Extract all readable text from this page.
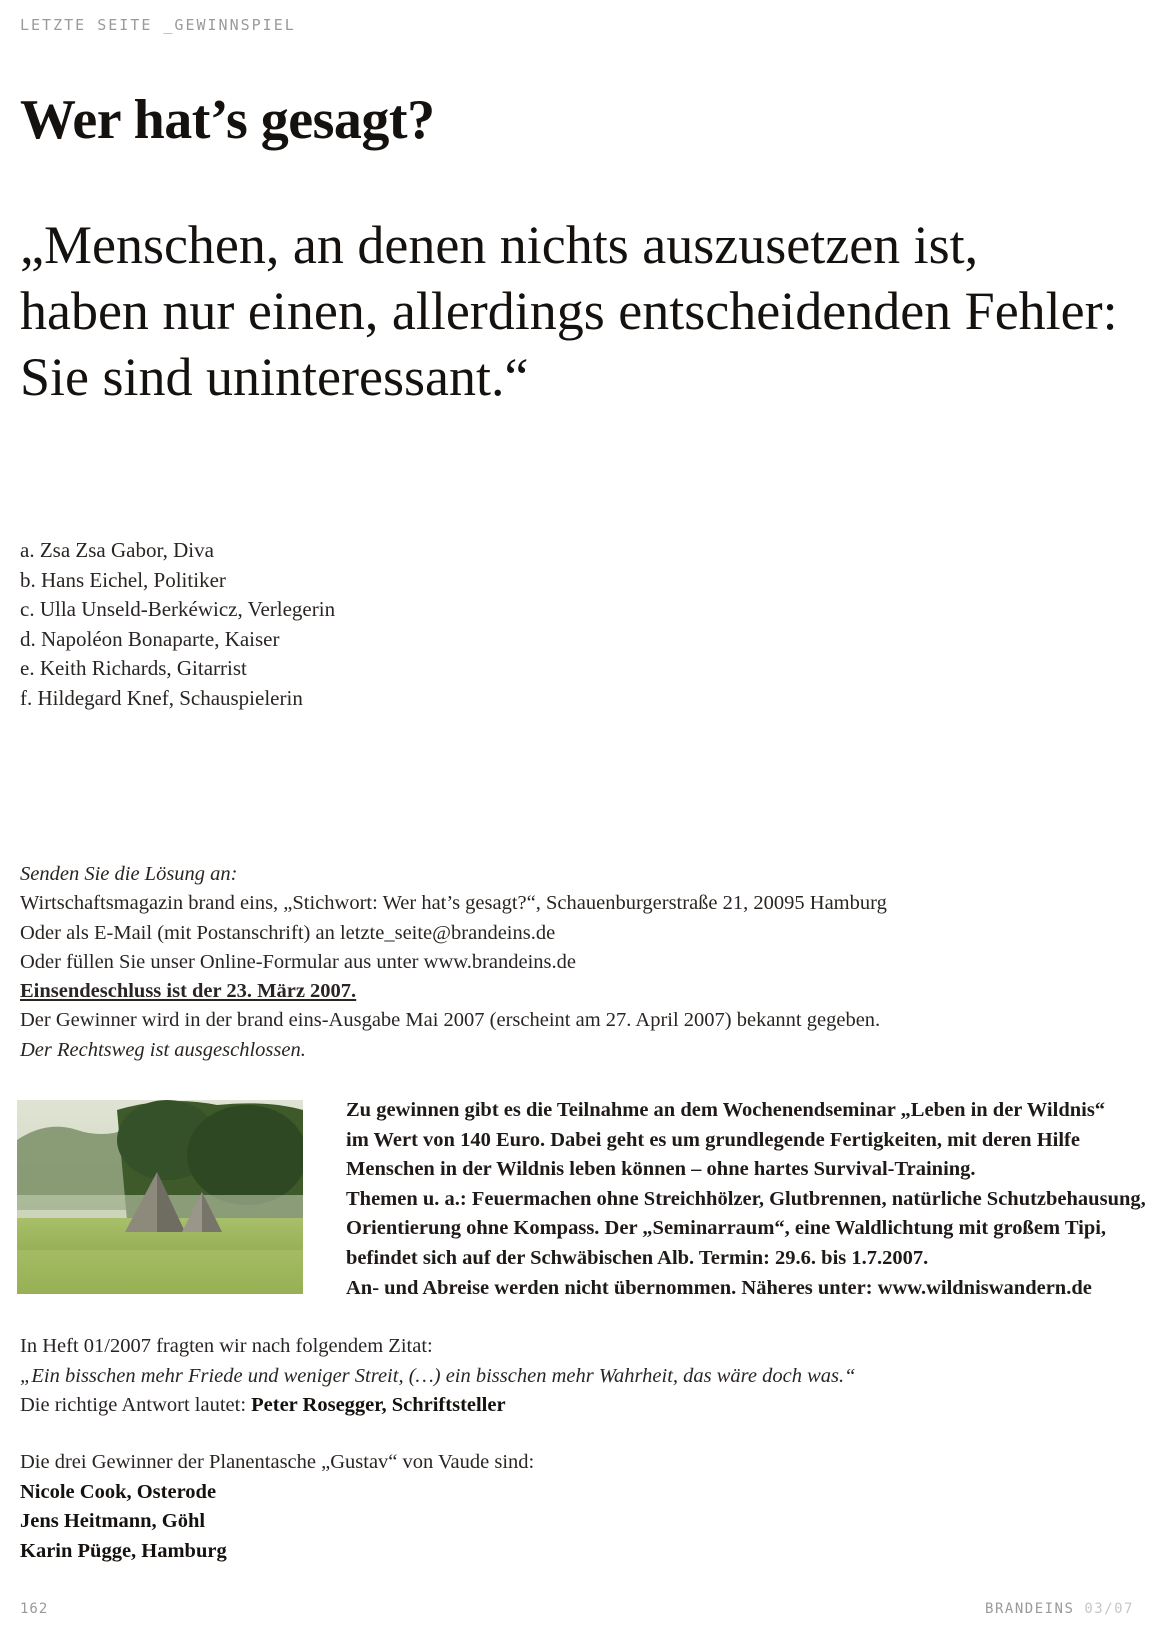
LETZTE SEITE _GEWINNSPIEL
Wer hat’s gesagt?
„Menschen, an denen nichts auszusetzen ist,
haben nur einen, allerdings entscheidenden Fehler:
Sie sind uninteressant.“
a. Zsa Zsa Gabor, Diva
b. Hans Eichel, Politiker
c. Ulla Unseld-Berkéwicz, Verlegerin
d. Napoléon Bonaparte, Kaiser
e. Keith Richards, Gitarrist
f. Hildegard Knef, Schauspielerin
Senden Sie die Lösung an:
Wirtschaftsmagazin brand eins, „Stichwort: Wer hat’s gesagt?“, Schauenburgerstraße 21, 20095 Hamburg
Oder als E-Mail (mit Postanschrift) an letzte_seite@brandeins.de
Oder füllen Sie unser Online-Formular aus unter www.brandeins.de
Einsendeschluss ist der 23. März 2007.
Der Gewinner wird in der brand eins-Ausgabe Mai 2007 (erscheint am 27. April 2007) bekannt gegeben.
Der Rechtsweg ist ausgeschlossen.
Zu gewinnen gibt es die Teilnahme an dem Wochenendseminar „Leben in der Wildnis“
im Wert von 140 Euro. Dabei geht es um grundlegende Fertigkeiten, mit deren Hilfe
Menschen in der Wildnis leben können – ohne hartes Survival-Training.
Themen u. a.: Feuermachen ohne Streichhölzer, Glutbrennen, natürliche Schutzbehausung,
Orientierung ohne Kompass. Der „Seminarraum“, eine Waldlichtung mit großem Tipi,
befindet sich auf der Schwäbischen Alb. Termin: 29.6. bis 1.7.2007.
An- und Abreise werden nicht übernommen. Näheres unter: www.wildniswandern.de
In Heft 01/2007 fragten wir nach folgendem Zitat:
„Ein bisschen mehr Friede und weniger Streit, (…) ein bisschen mehr Wahrheit, das wäre doch was.“
Die richtige Antwort lautet: Peter Rosegger, Schriftsteller
Die drei Gewinner der Planentasche „Gustav“ von Vaude sind:
Nicole Cook, Osterode
Jens Heitmann, Göhl
Karin Pügge, Hamburg
162	BRANDEINS 03/07
